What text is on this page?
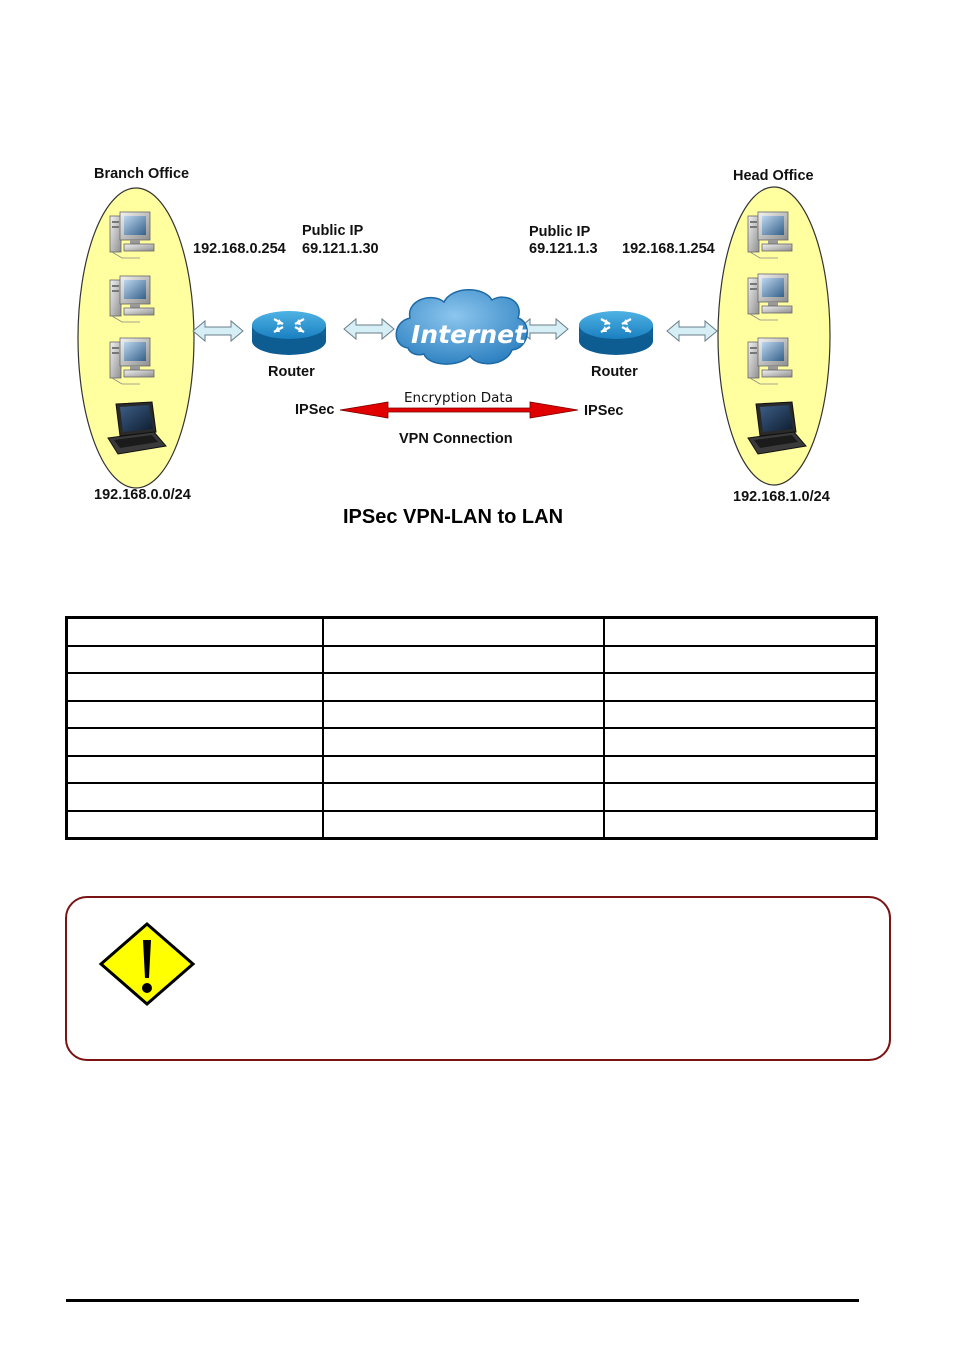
Branch Office
192.168.0.0/24
Head Office
192.168.1.0/24
192.168.0.254
Public IP
69.121.1.30
Public IP
69.121.1.3 192.168.1.254
Router	Router
Internet
Encryption Data
IPSec	IPSec
VPN Connection
IPSec VPN-LAN to LAN
